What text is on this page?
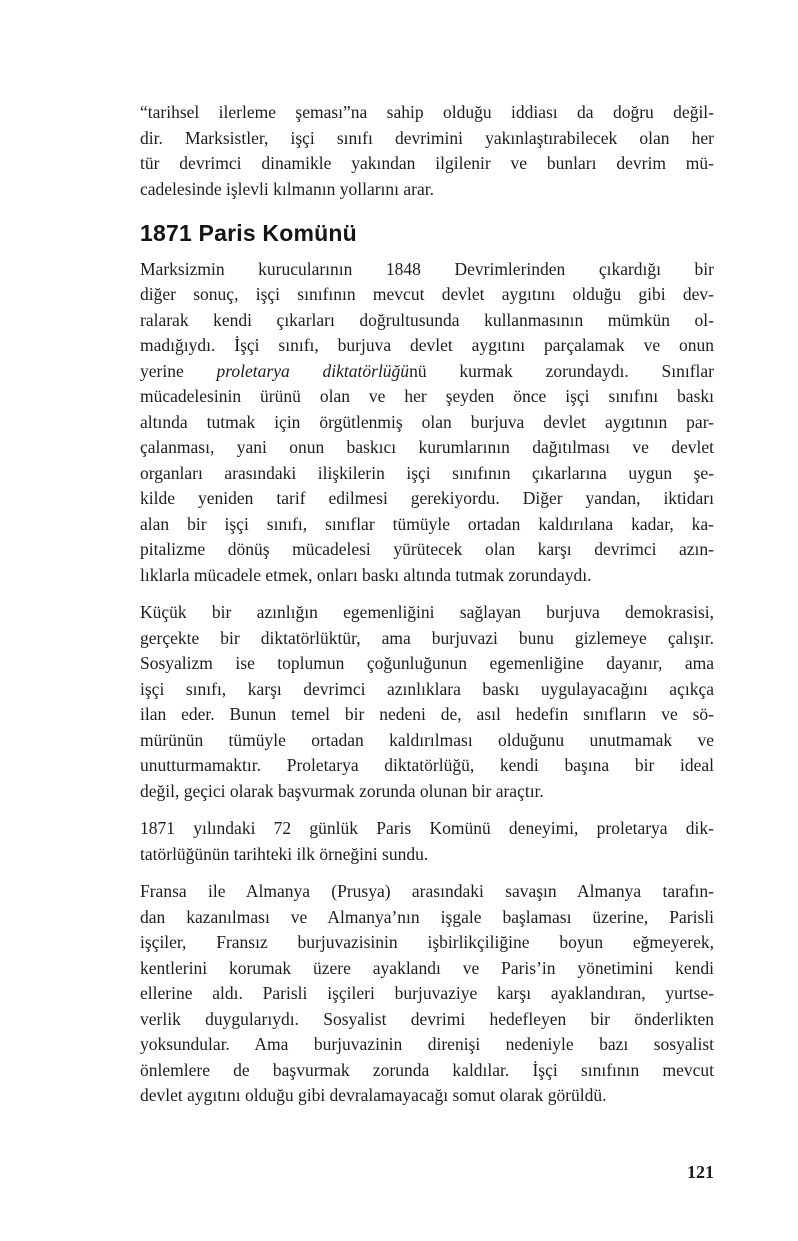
“tarihsel ilerleme şeması”na sahip olduğu iddiası da doğru değil-
dir. Marksistler, işçi sınıfı devrimini yakınlaştırabilecek olan her
tür devrimci dinamikle yakından ilgilenir ve bunları devrim mü-
cadelesinde işlevli kılmanın yollarını arar.
1871 Paris Komünü
Marksizmin kurucularının 1848 Devrimlerinden çıkardığı bir
diğer sonuç, işçi sınıfının mevcut devlet aygıtını olduğu gibi dev-
ralarak kendi çıkarları doğrultusunda kullanmasının mümkün ol-
madığıydı. İşçi sınıfı, burjuva devlet aygıtını parçalamak ve onun
yerine proletarya diktatörlüğünü kurmak zorundaydı. Sınıflar
mücadelesinin ürünü olan ve her şeyden önce işçi sınıfını baskı
altında tutmak için örgütlenmiş olan burjuva devlet aygıtının par-
çalanması, yani onun baskıcı kurumlarının dağıtılması ve devlet
organları arasındaki ilişkilerin işçi sınıfının çıkarlarına uygun şe-
kilde yeniden tarif edilmesi gerekiyordu. Diğer yandan, iktidarı
alan bir işçi sınıfı, sınıflar tümüyle ortadan kaldırılana kadar, ka-
pitalizme dönüş mücadelesi yürütecek olan karşı devrimci azın-
lıklarla mücadele etmek, onları baskı altında tutmak zorundaydı.
Küçük bir azınlığın egemenliğini sağlayan burjuva demokrasisi,
gerçekte bir diktatörlüktür, ama burjuvazi bunu gizlemeye çalışır.
Sosyalizm ise toplumun çoğunluğunun egemenliğine dayanır, ama
işçi sınıfı, karşı devrimci azınlıklara baskı uygulayacağını açıkça
ilan eder. Bunun temel bir nedeni de, asıl hedefin sınıfların ve sö-
mürünün tümüyle ortadan kaldırılması olduğunu unutmamak ve
unutturmamaktır. Proletarya diktatörlüğü, kendi başına bir ideal
değil, geçici olarak başvurmak zorunda olunan bir araçtır.
1871 yılındaki 72 günlük Paris Komünü deneyimi, proletarya dik-
tatörlüğünün tarihteki ilk örneğini sundu.
Fransa ile Almanya (Prusya) arasındaki savaşın Almanya tarafın-
dan kazanılması ve Almanya’nın işgale başlaması üzerine, Parisli
işçiler, Fransız burjuvazisinin işbirlikçiliğine boyun eğmeyerek,
kentlerini korumak üzere ayaklandı ve Paris’in yönetimini kendi
ellerine aldı. Parisli işçileri burjuvaziye karşı ayaklandıran, yurtse-
verlik duygularıydı. Sosyalist devrimi hedefleyen bir önderlikten
yoksundular. Ama burjuvazinin direnişi nedeniyle bazı sosyalist
önlemlere de başvurmak zorunda kaldılar. İşçi sınıfının mevcut
devlet aygıtını olduğu gibi devralamayacağı somut olarak görüldü.
121
